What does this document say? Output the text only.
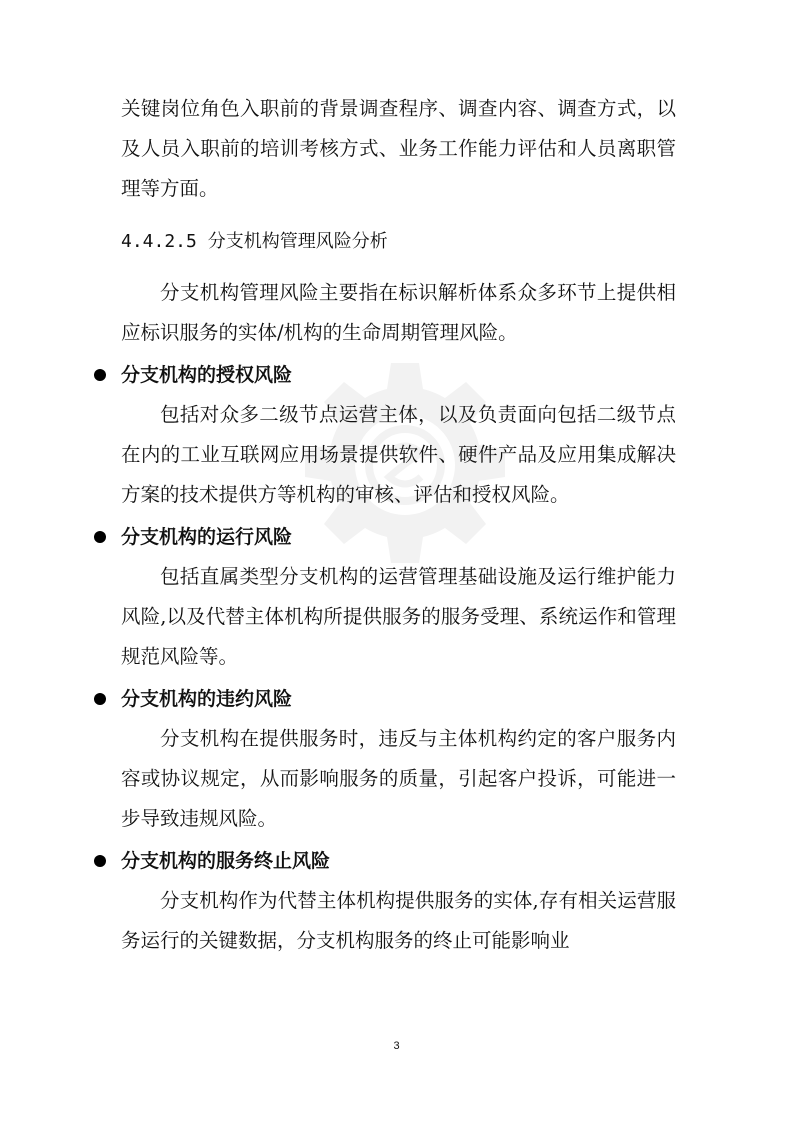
关键岗位角色入职前的背景调查程序、调查内容、调查方式，以及人员入职前的培训考核方式、业务工作能力评估和人员离职管理等方面。

4.4.2.5 分支机构管理风险分析

分支机构管理风险主要指在标识解析体系众多环节上提供相应标识服务的实体/机构的生命周期管理风险。

分支机构的授权风险

包括对众多二级节点运营主体，以及负责面向包括二级节点在内的工业互联网应用场景提供软件、硬件产品及应用集成解决方案的技术提供方等机构的审核、评估和授权风险。

分支机构的运行风险

包括直属类型分支机构的运营管理基础设施及运行维护能力风险,以及代替主体机构所提供服务的服务受理、系统运作和管理规范风险等。

分支机构的违约风险

分支机构在提供服务时，违反与主体机构约定的客户服务内容或协议规定，从而影响服务的质量，引起客户投诉，可能进一步导致违规风险。

分支机构的服务终止风险

分支机构作为代替主体机构提供服务的实体,存有相关运营服务运行的关键数据，分支机构服务的终止可能影响业

3
